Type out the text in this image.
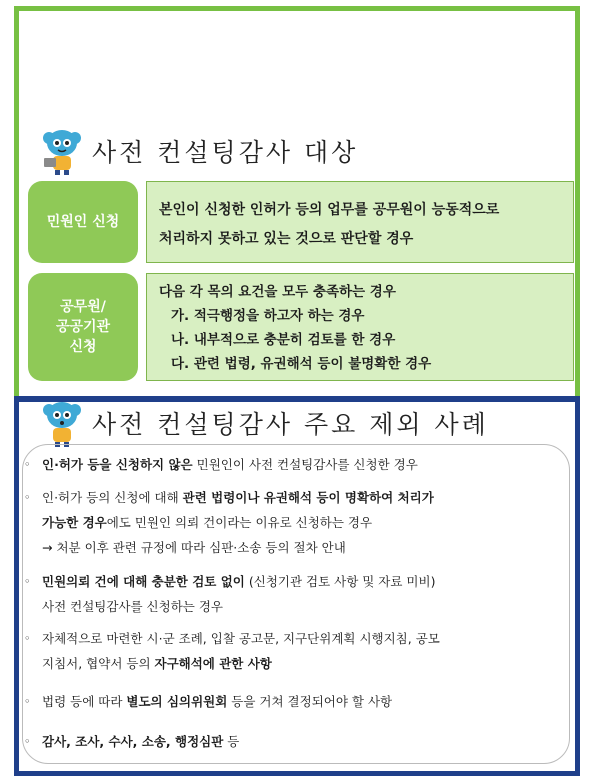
사전 컨설팅감사 대상
민원인 신청
본인이 신청한 인허가 등의 업무를 공무원이 능동적으로
처리하지 못하고 있는 것으로 판단할 경우
공무원/
공공기관
신청
다음 각 목의 요건을 모두 충족하는 경우
가. 적극행정을 하고자 하는 경우
나. 내부적으로 충분히 검토를 한 경우
다. 관련 법령, 유권해석 등이 불명확한 경우
사전 컨설팅감사 주요 제외 사례
◦ 인·허가 등을 신청하지 않은 민원인이 사전 컨설팅감사를 신청한 경우
◦ 인·허가 등의 신청에 대해 관련 법령이나 유권해석 등이 명확하여 처리가
가능한 경우에도 민원인 의뢰 건이라는 이유로 신청하는 경우
→ 처분 이후 관련 규정에 따라 심판·소송 등의 절차 안내
◦ 민원의뢰 건에 대해 충분한 검토 없이 (신청기관 검토 사항 및 자료 미비)
사전 컨설팅감사를 신청하는 경우
◦ 자체적으로 마련한 시·군 조례, 입찰 공고문, 지구단위계획 시행지침, 공모
지침서, 협약서 등의 자구해석에 관한 사항
◦ 법령 등에 따라 별도의 심의위원회 등을 거쳐 결정되어야 할 사항
◦ 감사, 조사, 수사, 소송, 행정심판 등
